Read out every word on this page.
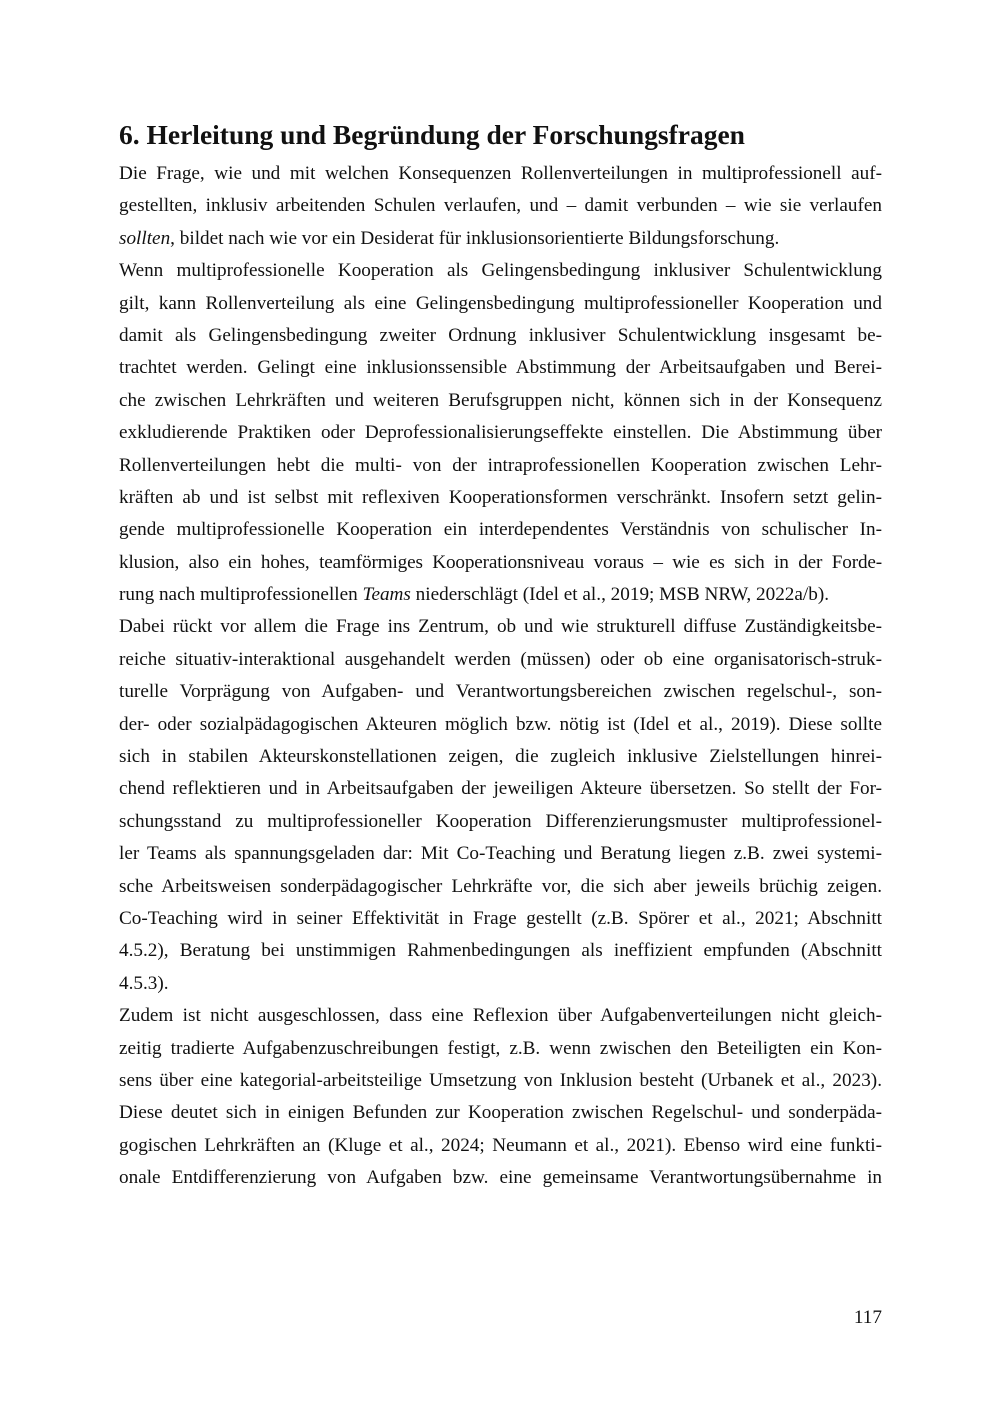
6. Herleitung und Begründung der Forschungsfragen
Die Frage, wie und mit welchen Konsequenzen Rollenverteilungen in multiprofessionell auf-
gestellten, inklusiv arbeitenden Schulen verlaufen, und – damit verbunden – wie sie verlaufen
sollten, bildet nach wie vor ein Desiderat für inklusionsorientierte Bildungsforschung.
Wenn multiprofessionelle Kooperation als Gelingensbedingung inklusiver Schulentwicklung
gilt, kann Rollenverteilung als eine Gelingensbedingung multiprofessioneller Kooperation und
damit als Gelingensbedingung zweiter Ordnung inklusiver Schulentwicklung insgesamt be-
trachtet werden. Gelingt eine inklusionssensible Abstimmung der Arbeitsaufgaben und Berei-
che zwischen Lehrkräften und weiteren Berufsgruppen nicht, können sich in der Konsequenz
exkludierende Praktiken oder Deprofessionalisierungseffekte einstellen. Die Abstimmung über
Rollenverteilungen hebt die multi- von der intraprofessionellen Kooperation zwischen Lehr-
kräften ab und ist selbst mit reflexiven Kooperationsformen verschränkt. Insofern setzt gelin-
gende multiprofessionelle Kooperation ein interdependentes Verständnis von schulischer In-
klusion, also ein hohes, teamförmiges Kooperationsniveau voraus – wie es sich in der Forde-
rung nach multiprofessionellen Teams niederschlägt (Idel et al., 2019; MSB NRW, 2022a/b).
Dabei rückt vor allem die Frage ins Zentrum, ob und wie strukturell diffuse Zuständigkeitsbe-
reiche situativ-interaktional ausgehandelt werden (müssen) oder ob eine organisatorisch-struk-
turelle Vorprägung von Aufgaben- und Verantwortungsbereichen zwischen regelschul-, son-
der- oder sozialpädagogischen Akteuren möglich bzw. nötig ist (Idel et al., 2019). Diese sollte
sich in stabilen Akteurskonstellationen zeigen, die zugleich inklusive Zielstellungen hinrei-
chend reflektieren und in Arbeitsaufgaben der jeweiligen Akteure übersetzen. So stellt der For-
schungsstand zu multiprofessioneller Kooperation Differenzierungsmuster multiprofessionel-
ler Teams als spannungsgeladen dar: Mit Co-Teaching und Beratung liegen z.B. zwei systemi-
sche Arbeitsweisen sonderpädagogischer Lehrkräfte vor, die sich aber jeweils brüchig zeigen.
Co-Teaching wird in seiner Effektivität in Frage gestellt (z.B. Spörer et al., 2021; Abschnitt
4.5.2), Beratung bei unstimmigen Rahmenbedingungen als ineffizient empfunden (Abschnitt
4.5.3).
Zudem ist nicht ausgeschlossen, dass eine Reflexion über Aufgabenverteilungen nicht gleich-
zeitig tradierte Aufgabenzuschreibungen festigt, z.B. wenn zwischen den Beteiligten ein Kon-
sens über eine kategorial-arbeitsteilige Umsetzung von Inklusion besteht (Urbanek et al., 2023).
Diese deutet sich in einigen Befunden zur Kooperation zwischen Regelschul- und sonderpäda-
gogischen Lehrkräften an (Kluge et al., 2024; Neumann et al., 2021). Ebenso wird eine funkti-
onale Entdifferenzierung von Aufgaben bzw. eine gemeinsame Verantwortungsübernahme in
117
